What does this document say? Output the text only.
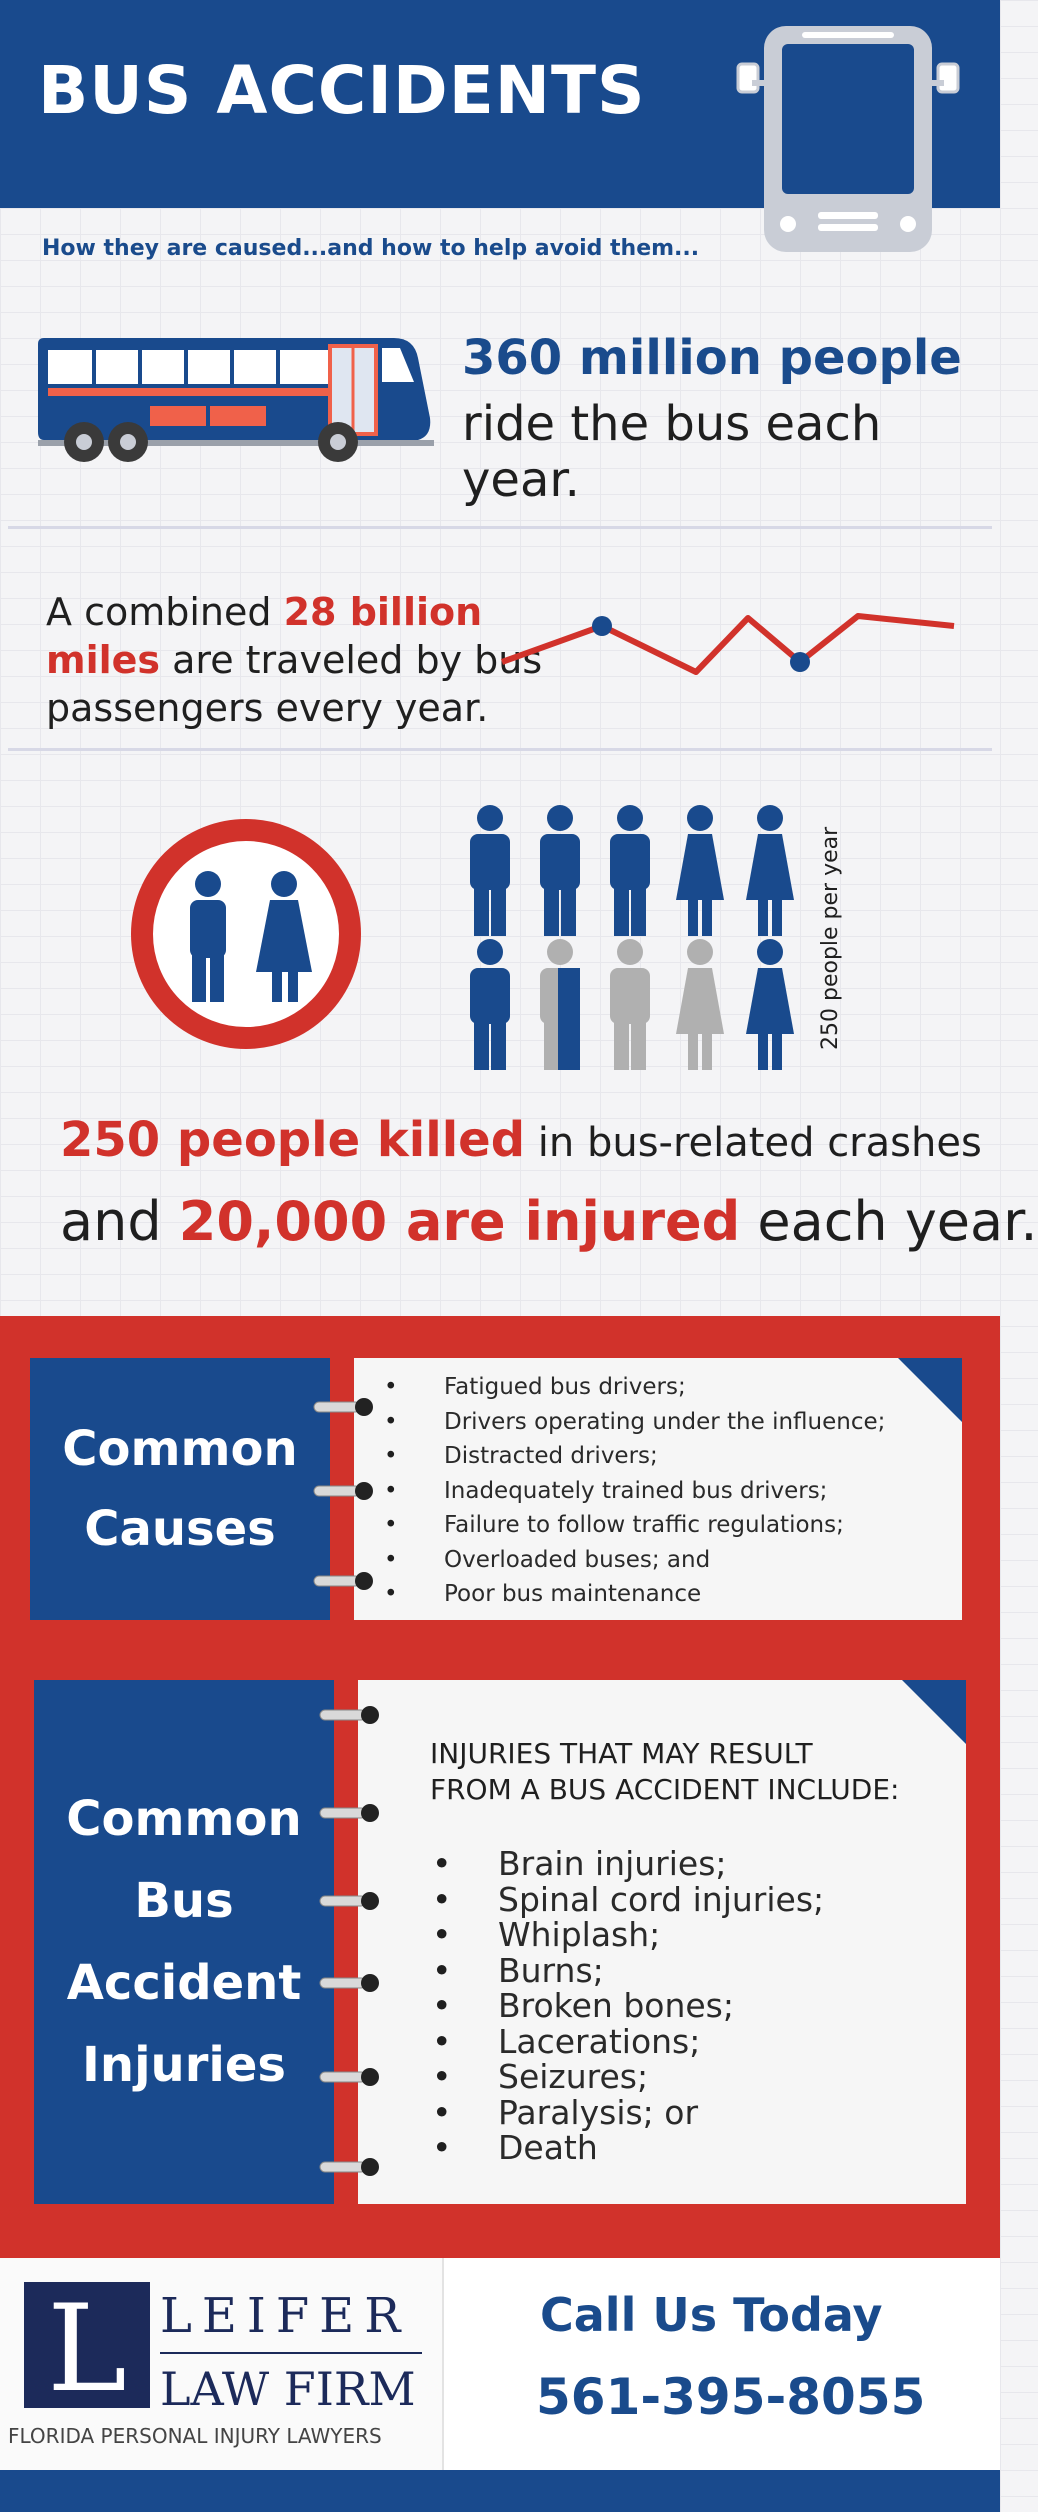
BUS ACCIDENTS
How they are caused...and how to help avoid them...
360 million people
ride the bus each year.
A combined 28 billion miles are traveled by bus passengers every year.
250 people per year
250 people killed in bus-related crashes
and 20,000 are injured each year.
Common
Causes
• Fatigued bus drivers;
• Drivers operating under the influence;
• Distracted drivers;
• Inadequately trained bus drivers;
• Failure to follow traffic regulations;
• Overloaded buses; and
• Poor bus maintenance
Common
Bus
Accident
Injuries
INJURIES THAT MAY RESULT
FROM A BUS ACCIDENT INCLUDE:
• Brain injuries;
• Spinal cord injuries;
• Whiplash;
• Burns;
• Broken bones;
• Lacerations;
• Seizures;
• Paralysis; or
• Death
L LEIFER
LAW FIRM
FLORIDA PERSONAL INJURY LAWYERS
Call Us Today
561-395-8055
